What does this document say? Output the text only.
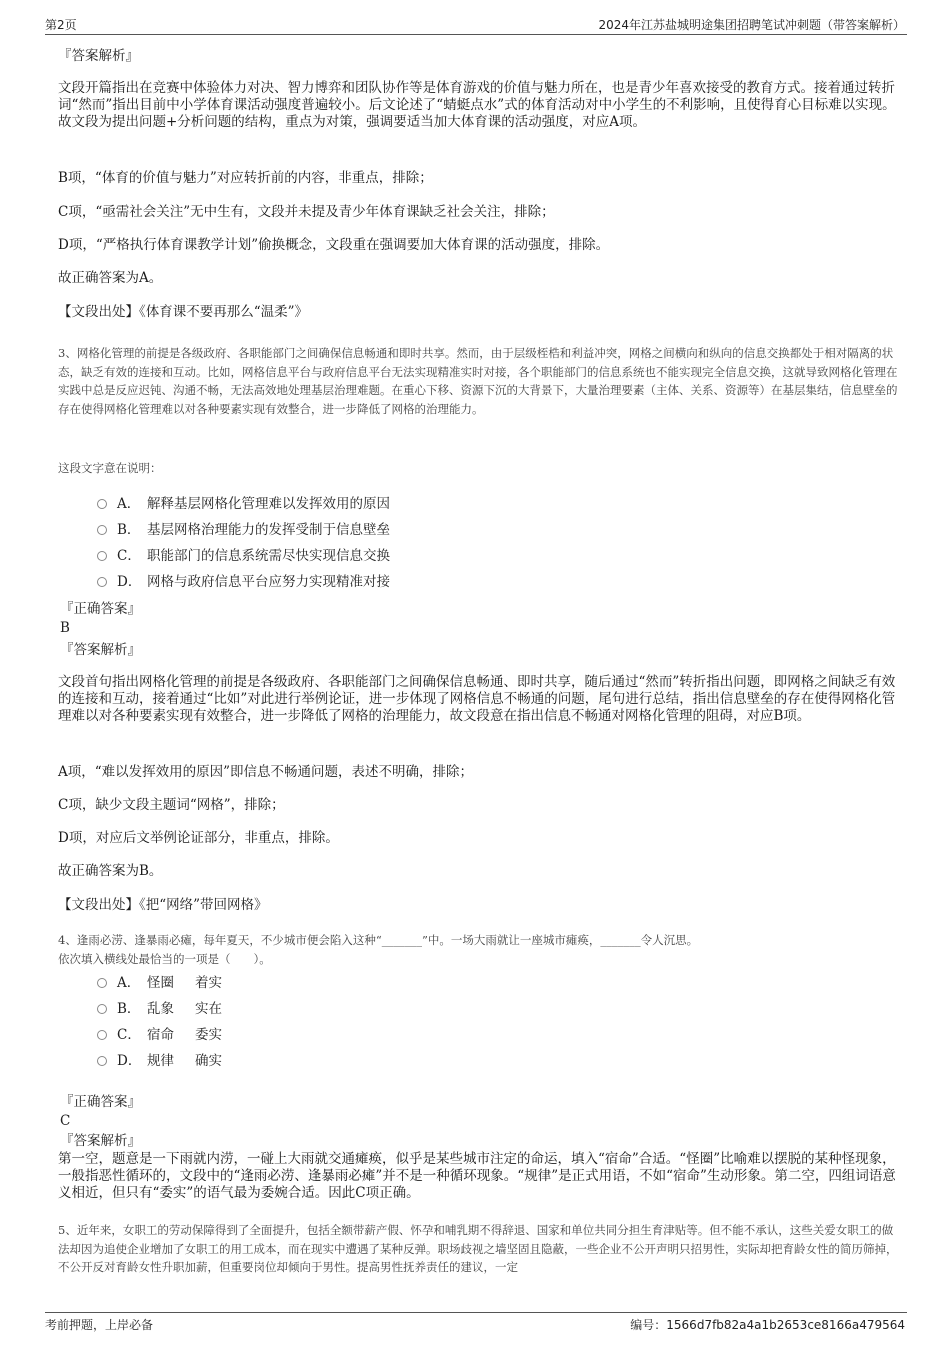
第2页	2024年江苏盐城明途集团招聘笔试冲刺题（带答案解析）
『答案解析』
文段开篇指出在竞赛中体验体力对决、智力博弈和团队协作等是体育游戏的价值与魅力所在，也是青少年喜欢接受的教育方式。接着通过转折词“然而”指出目前中小学体育课活动强度普遍较小。后文论述了“蜻蜓点水”式的体育活动对中小学生的不利影响，且使得育心目标难以实现。故文段为提出问题+分析问题的结构，重点为对策，强调要适当加大体育课的活动强度，对应A项。
B项，“体育的价值与魅力”对应转折前的内容，非重点，排除；
C项，“亟需社会关注”无中生有，文段并未提及青少年体育课缺乏社会关注，排除；
D项，“严格执行体育课教学计划”偷换概念，文段重在强调要加大体育课的活动强度，排除。
故正确答案为A。
【文段出处】《体育课不要再那么“温柔”》
3、网格化管理的前提是各级政府、各职能部门之间确保信息畅通和即时共享。然而，由于层级桎梏和利益冲突，网格之间横向和纵向的信息交换都处于相对隔离的状态，缺乏有效的连接和互动。比如，网格信息平台与政府信息平台无法实现精准实时对接，各个职能部门的信息系统也不能实现完全信息交换，这就导致网格化管理在实践中总是反应迟钝、沟通不畅，无法高效地处理基层治理难题。在重心下移、资源下沉的大背景下，大量治理要素（主体、关系、资源等）在基层集结，信息壁垒的存在使得网格化管理难以对各种要素实现有效整合，进一步降低了网格的治理能力。
这段文字意在说明：
A． 解释基层网格化管理难以发挥效用的原因
B． 基层网格治理能力的发挥受制于信息壁垒
C． 职能部门的信息系统需尽快实现信息交换
D． 网格与政府信息平台应努力实现精准对接
『正确答案』
B
『答案解析』
文段首句指出网格化管理的前提是各级政府、各职能部门之间确保信息畅通、即时共享，随后通过“然而”转折指出问题，即网格之间缺乏有效的连接和互动，接着通过“比如”对此进行举例论证，进一步体现了网格信息不畅通的问题，尾句进行总结，指出信息壁垒的存在使得网格化管理难以对各种要素实现有效整合，进一步降低了网格的治理能力，故文段意在指出信息不畅通对网格化管理的阻碍，对应B项。
A项，“难以发挥效用的原因”即信息不畅通问题，表述不明确，排除；
C项，缺少文段主题词“网格”，排除；
D项，对应后文举例论证部分，非重点，排除。
故正确答案为B。
【文段出处】《把“网络”带回网格》
4、逢雨必涝、逢暴雨必瘫，每年夏天，不少城市便会陷入这种“_______”中。一场大雨就让一座城市瘫痪，_______令人沉思。
依次填入横线处最恰当的一项是（　　）。
A． 怪圈 着实
B． 乱象 实在
C． 宿命 委实
D． 规律 确实
『正确答案』
C
『答案解析』
第一空，题意是一下雨就内涝，一碰上大雨就交通瘫痪，似乎是某些城市注定的命运，填入“宿命”合适。“怪圈”比喻难以摆脱的某种怪现象，一般指恶性循环的，文段中的“逢雨必涝、逢暴雨必瘫”并不是一种循环现象。“规律”是正式用语，不如“宿命”生动形象。第二空，四组词语意义相近，但只有“委实”的语气最为委婉合适。因此C项正确。
5、近年来，女职工的劳动保障得到了全面提升，包括全额带薪产假、怀孕和哺乳期不得辞退、国家和单位共同分担生育津贴等。但不能不承认，这些关爱女职工的做法却因为追使企业增加了女职工的用工成本，而在现实中遭遇了某种反弹。职场歧视之墙坚固且隐蔽，一些企业不公开声明只招男性，实际却把育龄女性的简历筛掉，不公开反对育龄女性升职加薪，但重要岗位却倾向于男性。提高男性抚养责任的建议，一定
考前押题，上岸必备	编号：1566d7fb82a4a1b2653ce8166a479564
